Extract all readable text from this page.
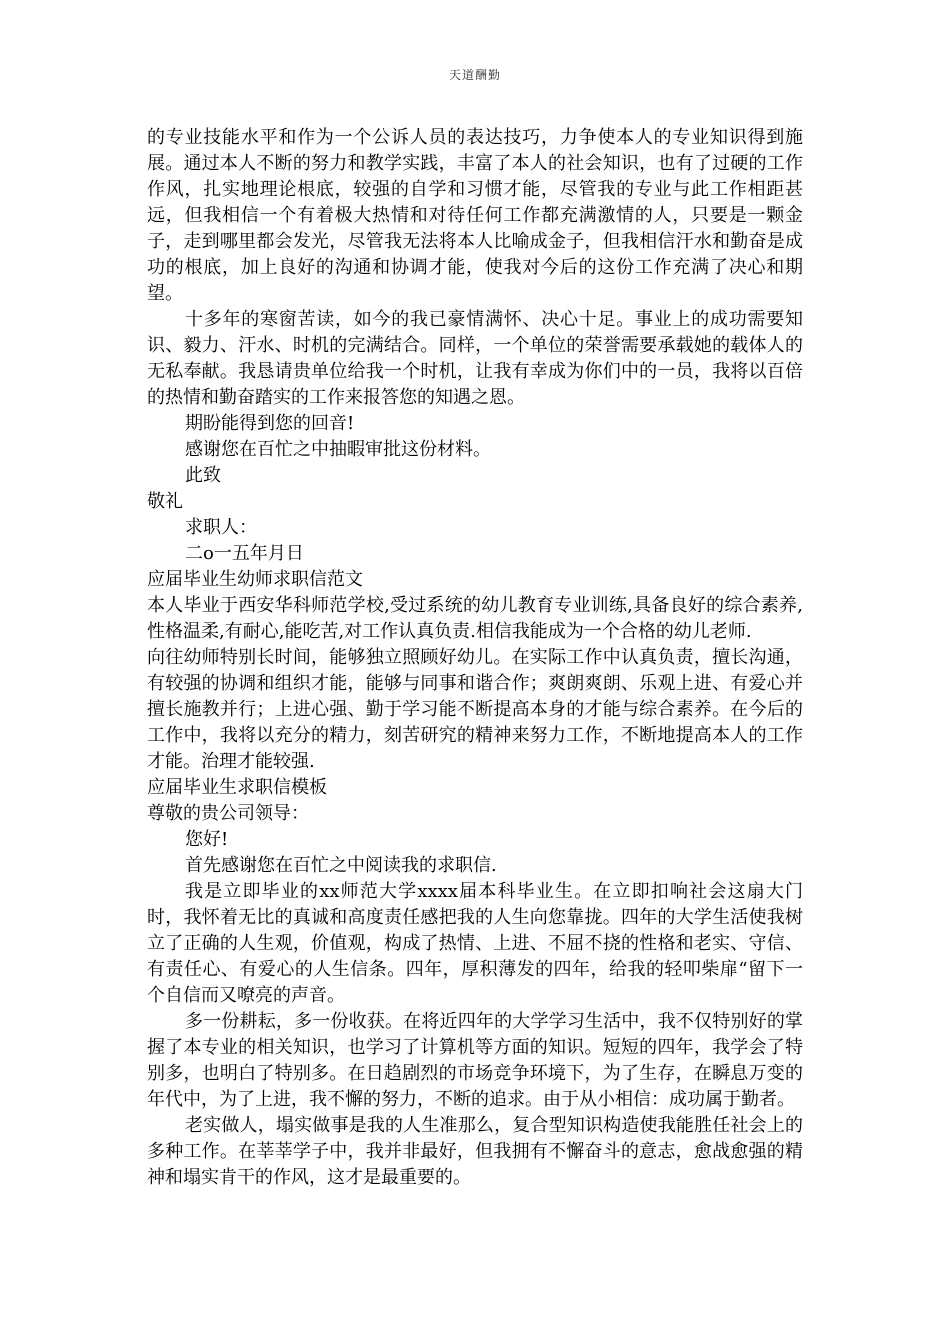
天道酬勤

的专业技能水平和作为一个公诉人员的表达技巧，力争使本人的专业知识得到施展。通过本人不断的努力和教学实践，丰富了本人的社会知识，也有了过硬的工作作风，扎实地理论根底，较强的自学和习惯才能，尽管我的专业与此工作相距甚远，但我相信一个有着极大热情和对待任何工作都充满激情的人，只要是一颗金子，走到哪里都会发光，尽管我无法将本人比喻成金子，但我相信汗水和勤奋是成功的根底，加上良好的沟通和协调才能，使我对今后的这份工作充满了决心和期望。

十多年的寒窗苦读，如今的我已豪情满怀、决心十足。事业上的成功需要知识、毅力、汗水、时机的完满结合。同样，一个单位的荣誉需要承载她的载体人的无私奉献。我恳请贵单位给我一个时机，让我有幸成为你们中的一员，我将以百倍的热情和勤奋踏实的工作来报答您的知遇之恩。

期盼能得到您的回音!

感谢您在百忙之中抽暇审批这份材料。

此致

敬礼

求职人：

二o一五年月日

应届毕业生幼师求职信范文

本人毕业于西安华科师范学校,受过系统的幼儿教育专业训练,具备良好的综合素养,性格温柔,有耐心,能吃苦,对工作认真负责.相信我能成为一个合格的幼儿老师.

向往幼师特别长时间，能够独立照顾好幼儿。在实际工作中认真负责，擅长沟通，有较强的协调和组织才能，能够与同事和谐合作；爽朗爽朗、乐观上进、有爱心并擅长施教并行；上进心强、勤于学习能不断提高本身的才能与综合素养。在今后的工作中，我将以充分的精力，刻苦研究的精神来努力工作，不断地提高本人的工作才能。治理才能较强.

应届毕业生求职信模板

尊敬的贵公司领导：

您好!

首先感谢您在百忙之中阅读我的求职信.

我是立即毕业的xx师范大学xxxx届本科毕业生。在立即扣响社会这扇大门时，我怀着无比的真诚和高度责任感把我的人生向您靠拢。四年的大学生活使我树立了正确的人生观，价值观，构成了热情、上进、不屈不挠的性格和老实、守信、有责任心、有爱心的人生信条。四年，厚积薄发的四年，给我的轻叩柴扉“留下一个自信而又嘹亮的声音。

多一份耕耘，多一份收获。在将近四年的大学学习生活中，我不仅特别好的掌握了本专业的相关知识，也学习了计算机等方面的知识。短短的四年，我学会了特别多，也明白了特别多。在日趋剧烈的市场竞争环境下，为了生存，在瞬息万变的年代中，为了上进，我不懈的努力，不断的追求。由于从小相信：成功属于勤者。

老实做人，塌实做事是我的人生准那么，复合型知识构造使我能胜任社会上的多种工作。在莘莘学子中，我并非最好，但我拥有不懈奋斗的意志，愈战愈强的精神和塌实肯干的作风，这才是最重要的。
